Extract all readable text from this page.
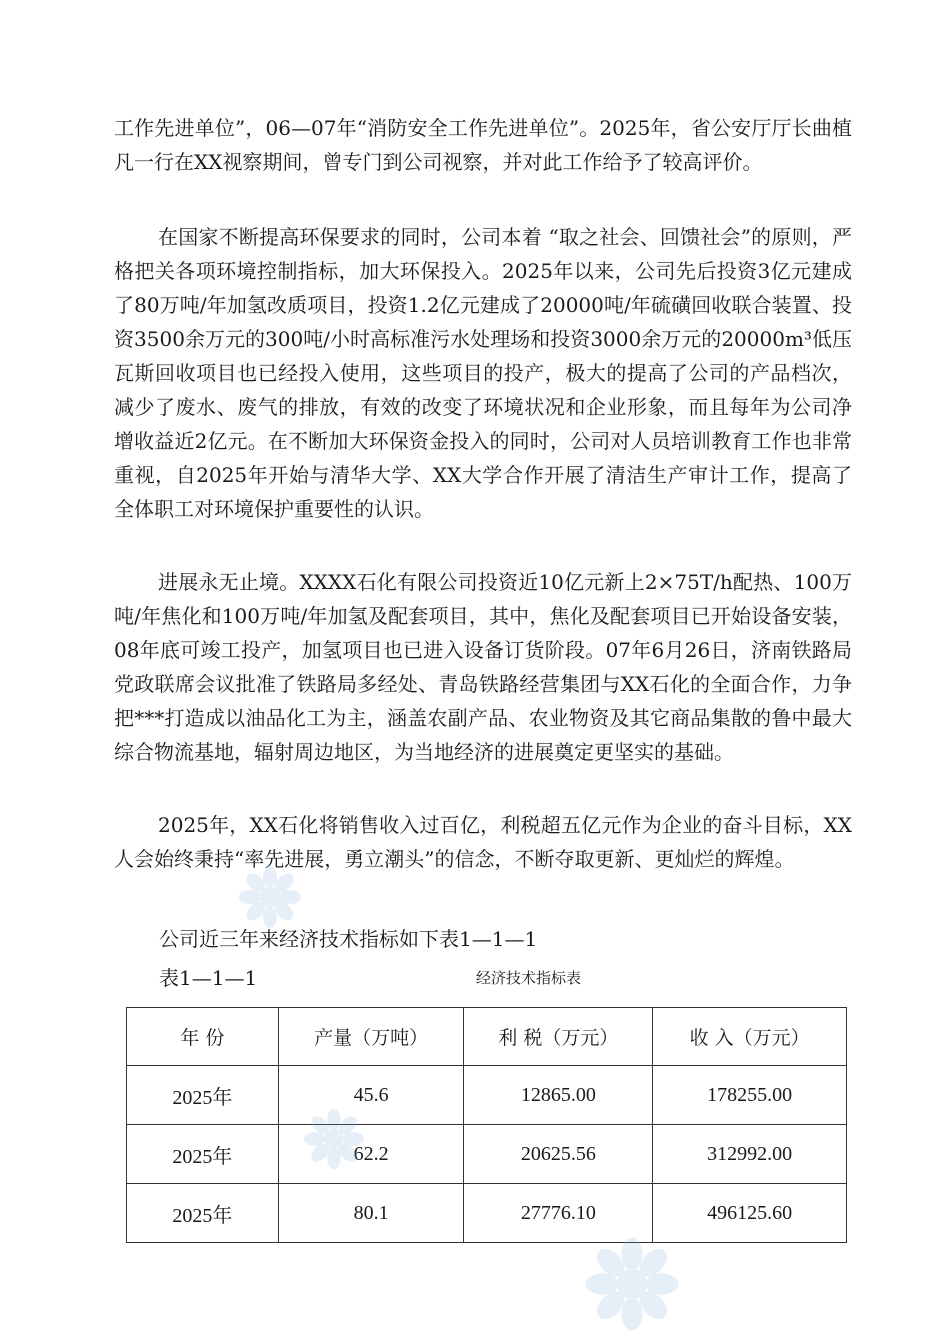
工作先进单位”，06—07年“消防安全工作先进单位”。2025年，省公安厅厅长曲植凡一行在XX视察期间，曾专门到公司视察，并对此工作给予了较高评价。

在国家不断提高环保要求的同时，公司本着 “取之社会、回馈社会”的原则，严格把关各项环境控制指标，加大环保投入。2025年以来，公司先后投资3亿元建成了80万吨/年加氢改质项目，投资1.2亿元建成了20000吨/年硫磺回收联合装置、投资3500余万元的300吨/小时高标准污水处理场和投资3000余万元的20000m³低压瓦斯回收项目也已经投入使用，这些项目的投产，极大的提高了公司的产品档次，减少了废水、废气的排放，有效的改变了环境状况和企业形象，而且每年为公司净增收益近2亿元。在不断加大环保资金投入的同时，公司对人员培训教育工作也非常重视，自2025年开始与清华大学、XX大学合作开展了清洁生产审计工作，提高了全体职工对环境保护重要性的认识。

进展永无止境。XXXX石化有限公司投资近10亿元新上2×75T/h配热、100万吨/年焦化和100万吨/年加氢及配套项目，其中，焦化及配套项目已开始设备安装，08年底可竣工投产，加氢项目也已进入设备订货阶段。07年6月26日，济南铁路局党政联席会议批准了铁路局多经处、青岛铁路经营集团与XX石化的全面合作，力争把***打造成以油品化工为主，涵盖农副产品、农业物资及其它商品集散的鲁中最大综合物流基地，辐射周边地区，为当地经济的进展奠定更坚实的基础。

2025年，XX石化将销售收入过百亿，利税超五亿元作为企业的奋斗目标，XX人会始终秉持“率先进展，勇立潮头”的信念，不断夺取更新、更灿烂的辉煌。

公司近三年来经济技术指标如下表1—1—1
表1—1—1	经济技术指标表
年 份	产量（万吨）	利 税（万元）	收 入（万元）
2025年	45.6	12865.00	178255.00
2025年	62.2	20625.56	312992.00
2025年	80.1	27776.10	496125.60
